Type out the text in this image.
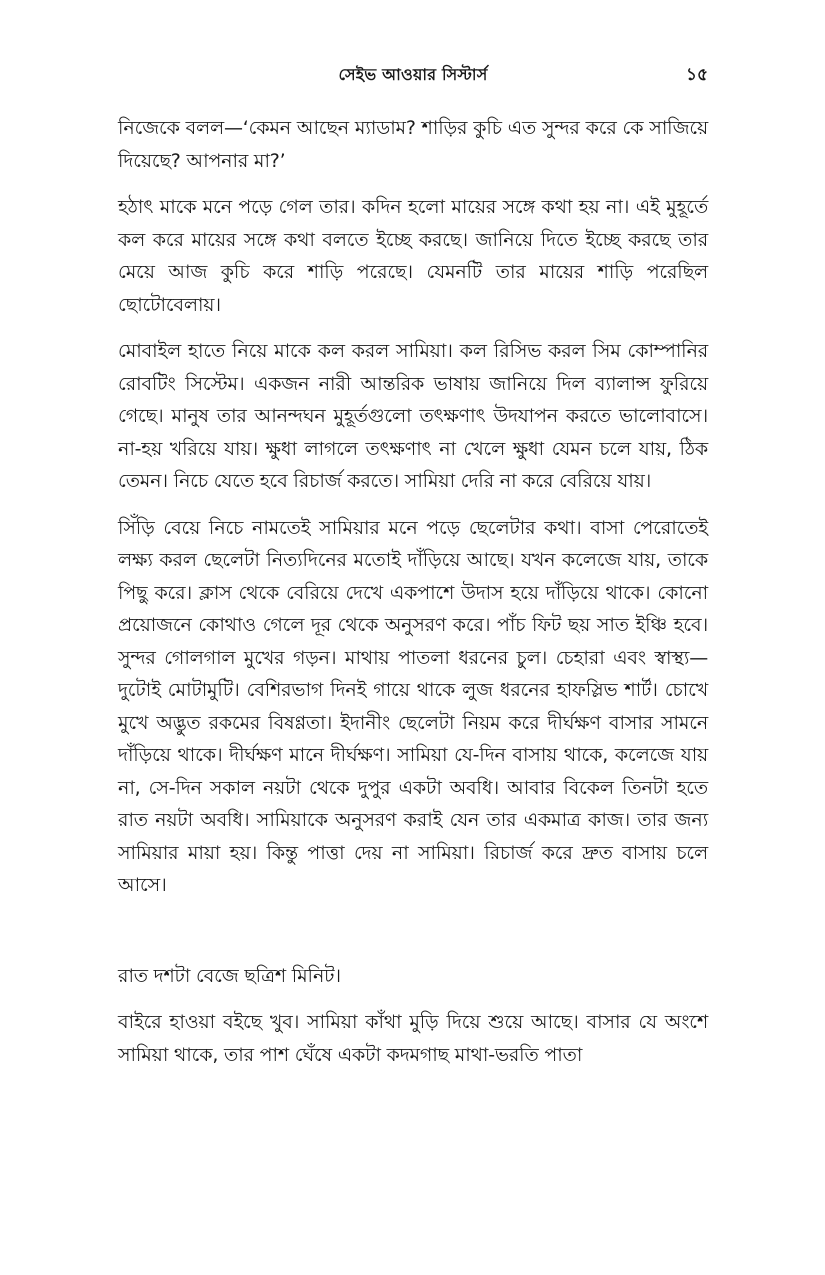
সেইভ আওয়ার সিস্টার্স	১৫

নিজেকে বলল—‘কেমন আছেন ম্যাডাম? শাড়ির কুচি এত সুন্দর করে কে সাজিয়ে দিয়েছে? আপনার মা?’

হঠাৎ মাকে মনে পড়ে গেল তার। কদিন হলো মায়ের সঙ্গে কথা হয় না। এই মুহূর্তে কল করে মায়ের সঙ্গে কথা বলতে ইচ্ছে করছে। জানিয়ে দিতে ইচ্ছে করছে তার মেয়ে আজ কুচি করে শাড়ি পরেছে। যেমনটি তার মায়ের শাড়ি পরেছিল ছোটোবেলায়।

মোবাইল হাতে নিয়ে মাকে কল করল সামিয়া। কল রিসিভ করল সিম কোম্পানির রোবটিং সিস্টেম। একজন নারী আন্তরিক ভাষায় জানিয়ে দিল ব্যালান্স ফুরিয়ে গেছে। মানুষ তার আনন্দঘন মুহূর্তগুলো তৎক্ষণাৎ উদযাপন করতে ভালোবাসে। না-হয় খরিয়ে যায়। ক্ষুধা লাগলে তৎক্ষণাৎ না খেলে ক্ষুধা যেমন চলে যায়, ঠিক তেমন। নিচে যেতে হবে রিচার্জ করতে। সামিয়া দেরি না করে বেরিয়ে যায়।

সিঁড়ি বেয়ে নিচে নামতেই সামিয়ার মনে পড়ে ছেলেটার কথা। বাসা পেরোতেই লক্ষ্য করল ছেলেটা নিত্যদিনের মতোই দাঁড়িয়ে আছে। যখন কলেজে যায়, তাকে পিছু করে। ক্লাস থেকে বেরিয়ে দেখে একপাশে উদাস হয়ে দাঁড়িয়ে থাকে। কোনো প্রয়োজনে কোথাও গেলে দূর থেকে অনুসরণ করে। পাঁচ ফিট ছয় সাত ইঞ্চি হবে। সুন্দর গোলগাল মুখের গড়ন। মাথায় পাতলা ধরনের চুল। চেহারা এবং স্বাস্থ্য—দুটোই মোটামুটি। বেশিরভাগ দিনই গায়ে থাকে লুজ ধরনের হাফস্লিভ শার্ট। চোখে মুখে অদ্ভুত রকমের বিষণ্ণতা। ইদানীং ছেলেটা নিয়ম করে দীর্ঘক্ষণ বাসার সামনে দাঁড়িয়ে থাকে। দীর্ঘক্ষণ মানে দীর্ঘক্ষণ। সামিয়া যে-দিন বাসায় থাকে, কলেজে যায় না, সে-দিন সকাল নয়টা থেকে দুপুর একটা অবধি। আবার বিকেল তিনটা হতে রাত নয়টা অবধি। সামিয়াকে অনুসরণ করাই যেন তার একমাত্র কাজ। তার জন্য সামিয়ার মায়া হয়। কিন্তু পাত্তা দেয় না সামিয়া। রিচার্জ করে দ্রুত বাসায় চলে আসে।

রাত দশটা বেজে ছত্রিশ মিনিট।

বাইরে হাওয়া বইছে খুব। সামিয়া কাঁথা মুড়ি দিয়ে শুয়ে আছে। বাসার যে অংশে সামিয়া থাকে, তার পাশ ঘেঁষে একটা কদমগাছ মাথা-ভরতি পাতা
